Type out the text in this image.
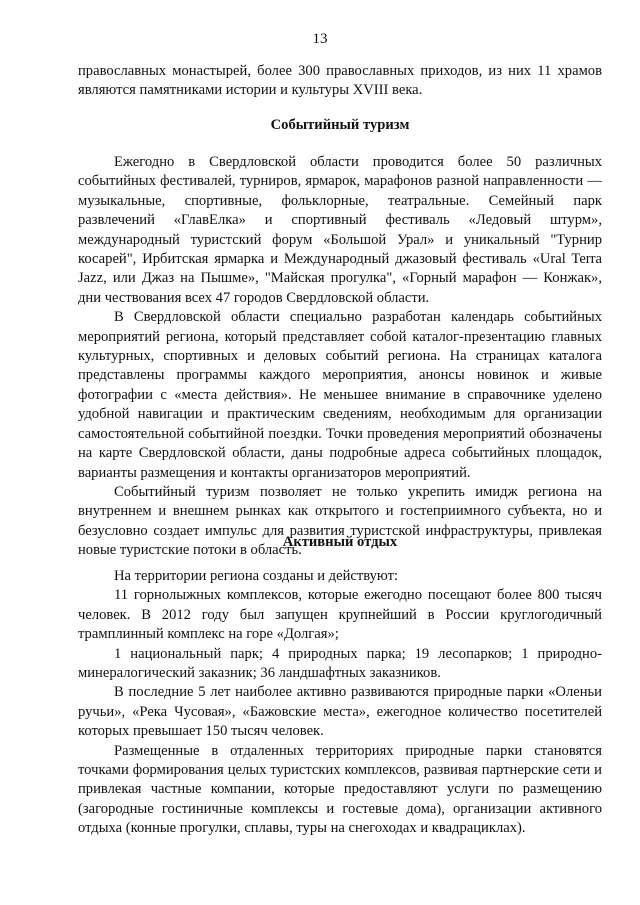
13

православных монастырей, более 300 православных приходов, из них 11 храмов являются памятниками истории и культуры XVIII века.

Событийный туризм

Ежегодно в Свердловской области проводится более 50 различных событийных фестивалей, турниров, ярмарок, марафонов разной направленности — музыкальные, спортивные, фольклорные, театральные. Семейный парк развлечений «ГлавЕлка» и спортивный фестиваль «Ледовый штурм», международный туристский форум «Большой Урал» и уникальный "Турнир косарей", Ирбитская ярмарка и Международный джазовый фестиваль «Ural Terra Jazz, или Джаз на Пышме», "Майская прогулка", «Горный марафон — Конжак», дни чествования всех 47 городов Свердловской области.

В Свердловской области специально разработан календарь событийных мероприятий региона, который представляет собой каталог-презентацию главных культурных, спортивных и деловых событий региона. На страницах каталога представлены программы каждого мероприятия, анонсы новинок и живые фотографии с «места действия». Не меньшее внимание в справочнике уделено удобной навигации и практическим сведениям, необходимым для организации самостоятельной событийной поездки. Точки проведения мероприятий обозначены на карте Свердловской области, даны подробные адреса событийных площадок, варианты размещения и контакты организаторов мероприятий.

Событийный туризм позволяет не только укрепить имидж региона на внутреннем и внешнем рынках как открытого и гостеприимного субъекта, но и безусловно создает импульс для развития туристской инфраструктуры, привлекая новые туристские потоки в область.

Активный отдых

На территории региона созданы и действуют:

11 горнолыжных комплексов, которые ежегодно посещают более 800 тысяч человек. В 2012 году был запущен крупнейший в России круглогодичный трамплинный комплекс на горе «Долгая»;

1 национальный парк; 4 природных парка; 19 лесопарков; 1 природно-минералогический заказник; 36 ландшафтных заказников.

В последние 5 лет наиболее активно развиваются природные парки «Оленьи ручьи», «Река Чусовая», «Бажовские места», ежегодное количество посетителей которых превышает 150 тысяч человек.

Размещенные в отдаленных территориях природные парки становятся точками формирования целых туристских комплексов, развивая партнерские сети и привлекая частные компании, которые предоставляют услуги по размещению (загородные гостиничные комплексы и гостевые дома), организации активного отдыха (конные прогулки, сплавы, туры на снегоходах и квадрациклах).
